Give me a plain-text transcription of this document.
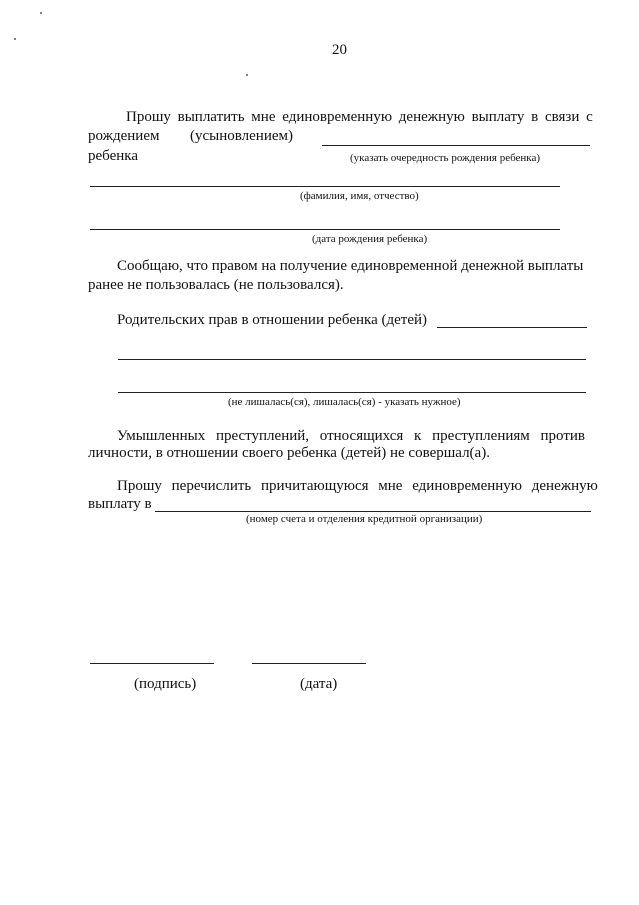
20
Прошу выплатить мне единовременную денежную выплату в связи с
рождением (усыновлением)
ребенка	(указать очередность рождения ребенка)
(фамилия, имя, отчество)
(дата рождения ребенка)
Сообщаю, что правом на получение единовременной денежной выплаты
ранее не пользовалась (не пользовался).
Родительских прав в отношении ребенка (детей)
(не лишалась(ся), лишалась(ся) - указать нужное)
Умышленных преступлений, относящихся к преступлениям против
личности, в отношении своего ребенка (детей) не совершал(а).
Прошу перечислить причитающуюся мне единовременную денежную
выплату в
(номер счета и отделения кредитной организации)
(подпись)	(дата)
